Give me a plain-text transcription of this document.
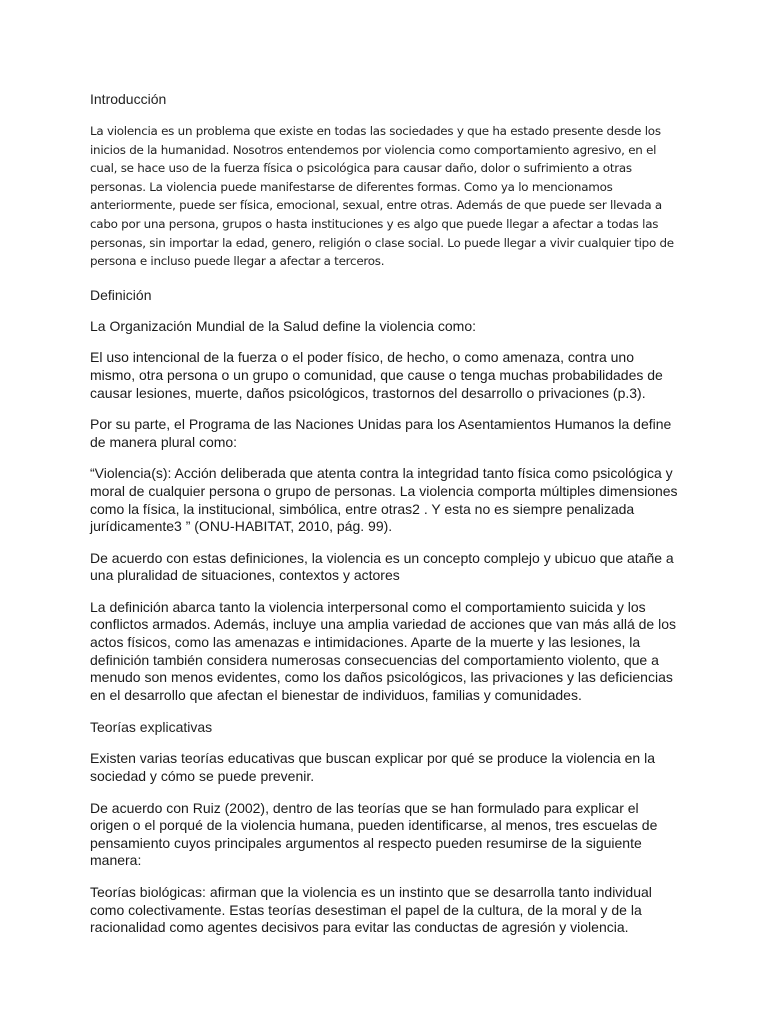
Introducción

La violencia es un problema que existe en todas las sociedades y que ha estado presente desde los inicios de la humanidad. Nosotros entendemos por violencia como comportamiento agresivo, en el cual, se hace uso de la fuerza física o psicológica para causar daño, dolor o sufrimiento a otras personas. La violencia puede manifestarse de diferentes formas. Como ya lo mencionamos anteriormente, puede ser física, emocional, sexual, entre otras. Además de que puede ser llevada a cabo por una persona, grupos o hasta instituciones y es algo que puede llegar a afectar a todas las personas, sin importar la edad, genero, religión o clase social. Lo puede llegar a vivir cualquier tipo de persona e incluso puede llegar a afectar a terceros.

Definición

La Organización Mundial de la Salud define la violencia como:

El uso intencional de la fuerza o el poder físico, de hecho, o como amenaza, contra uno mismo, otra persona o un grupo o comunidad, que cause o tenga muchas probabilidades de causar lesiones, muerte, daños psicológicos, trastornos del desarrollo o privaciones (p.3).

Por su parte, el Programa de las Naciones Unidas para los Asentamientos Humanos la define de manera plural como:

“Violencia(s): Acción deliberada que atenta contra la integridad tanto física como psicológica y moral de cualquier persona o grupo de personas. La violencia comporta múltiples dimensiones como la física, la institucional, simbólica, entre otras2 . Y esta no es siempre penalizada jurídicamente3 ” (ONU-HABITAT, 2010, pág. 99).

De acuerdo con estas definiciones, la violencia es un concepto complejo y ubicuo que atañe a una pluralidad de situaciones, contextos y actores

La definición abarca tanto la violencia interpersonal como el comportamiento suicida y los conflictos armados. Además, incluye una amplia variedad de acciones que van más allá de los actos físicos, como las amenazas e intimidaciones. Aparte de la muerte y las lesiones, la definición también considera numerosas consecuencias del comportamiento violento, que a menudo son menos evidentes, como los daños psicológicos, las privaciones y las deficiencias en el desarrollo que afectan el bienestar de individuos, familias y comunidades.

Teorías explicativas

Existen varias teorías educativas que buscan explicar por qué se produce la violencia en la sociedad y cómo se puede prevenir.

De acuerdo con Ruiz (2002), dentro de las teorías que se han formulado para explicar el origen o el porqué de la violencia humana, pueden identificarse, al menos, tres escuelas de pensamiento cuyos principales argumentos al respecto pueden resumirse de la siguiente manera:

Teorías biológicas: afirman que la violencia es un instinto que se desarrolla tanto individual como colectivamente. Estas teorías desestiman el papel de la cultura, de la moral y de la racionalidad como agentes decisivos para evitar las conductas de agresión y violencia.
